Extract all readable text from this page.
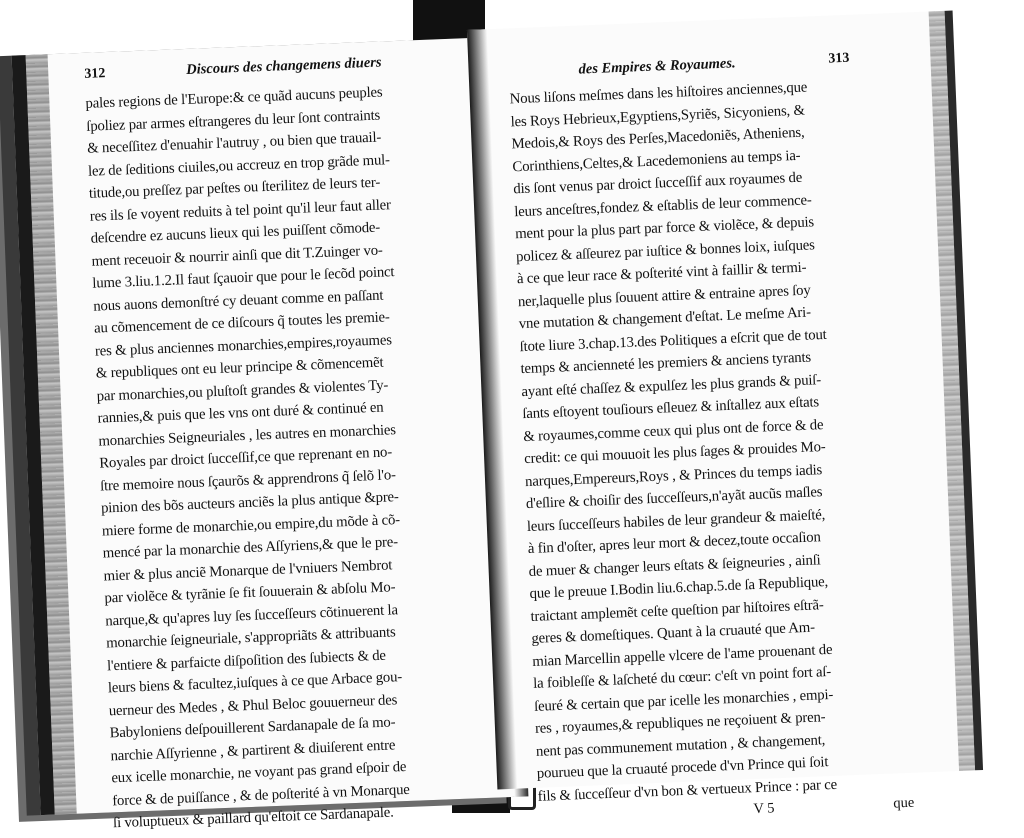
312	Discours des changemens diuers
pales regions de l'Europe:& ce quãd aucuns peuples
ſpoliez par armes eſtrangeres du leur ſont contraints
& neceſſitez d'enuahir l'autruy , ou bien que trauail-
lez de ſeditions ciuiles,ou accreuz en trop grãde mul-
titude,ou preſſez par peſtes ou ſterilitez de leurs ter-
res ils ſe voyent reduits à tel point qu'il leur faut aller
deſcendre ez aucuns lieux qui les puiſſent cõmode-
ment receuoir & nourrir ainſi que dit T.Zuinger vo-
lume 3.liu.1.2.Il faut ſçauoir que pour le ſecõd poinct
nous auons demonſtré cy deuant comme en paſſant
au cõmencement de ce diſcours q̃ toutes les premie-
res & plus anciennes monarchies,empires,royaumes
& republiques ont eu leur principe & cõmencemẽt
par monarchies,ou pluſtoſt grandes & violentes Ty-
rannies,& puis que les vns ont duré & continué en
monarchies Seigneuriales , les autres en monarchies
Royales par droict ſucceſſif,ce que reprenant en no-
ſtre memoire nous ſçaurõs & apprendrons q̃ ſelõ l'o-
pinion des bõs aucteurs anciẽs la plus antique &pre-
miere forme de monarchie,ou empire,du mõde à cõ-
mencé par la monarchie des Aſſyriens,& que le pre-
mier & plus anciẽ Monarque de l'vniuers Nembrot
par violẽce & tyrãnie ſe fit ſouuerain & abſolu Mo-
narque,& qu'apres luy ſes ſucceſſeurs cõtinuerent la
monarchie ſeigneuriale, s'appropriãts & attribuants
l'entiere & parfaicte diſpoſition des ſubiects & de
leurs biens & facultez,iuſques à ce que Arbace gou-
uerneur des Medes , & Phul Beloc gouuerneur des
Babyloniens deſpouillerent Sardanapale de ſa mo-
narchie Aſſyrienne , & partirent & diuiſerent entre
eux icelle monarchie, ne voyant pas grand eſpoir de
force & de puiſſance , & de poſterité à vn Monarque
ſi voluptueux & paillard qu'eſtoit ce Sardanapale.
des Empires & Royaumes.	313
Nous liſons meſmes dans les hiſtoires anciennes,que
les Roys Hebrieux,Egyptiens,Syriẽs, Sicyoniens, &
Medois,& Roys des Perſes,Macedoniẽs, Atheniens,
Corinthiens,Celtes,& Lacedemoniens au temps ia-
dis ſont venus par droict ſucceſſif aux royaumes de
leurs anceſtres,fondez & eſtablis de leur commence-
ment pour la plus part par force & violẽce, & depuis
policez & aſſeurez par iuſtice & bonnes loix, iuſques
à ce que leur race & poſterité vint à faillir & termi-
ner,laquelle plus ſouuent attire & entraine apres ſoy
vne mutation & changement d'eſtat. Le meſme Ari-
ſtote liure 3.chap.13.des Politiques a eſcrit que de tout
temps & ancienneté les premiers & anciens tyrants
ayant eſté chaſſez & expulſez les plus grands & puiſ-
ſants eſtoyent touſiours eſleuez & inſtallez aux eſtats
& royaumes,comme ceux qui plus ont de force & de
credit: ce qui mouuoit les plus ſages & prouides Mo-
narques,Empereurs,Roys , & Princes du temps iadis
d'eſlire & choiſir des ſucceſſeurs,n'ayãt aucũs maſles
leurs ſucceſſeurs habiles de leur grandeur & maieſté,
à fin d'oſter, apres leur mort & decez,toute occaſion
de muer & changer leurs eſtats & ſeigneuries , ainſi
que le preuue I.Bodin liu.6.chap.5.de ſa Republique,
traictant amplemẽt ceſte queſtion par hiſtoires eſtrã-
geres & domeſtiques. Quant à la cruauté que Am-
mian Marcellin appelle vlcere de l'ame prouenant de
la foibleſſe & laſcheté du cœur: c'eſt vn point fort aſ-
ſeuré & certain que par icelle les monarchies , empi-
res , royaumes,& republiques ne reçoiuent & pren-
nent pas communement mutation , & changement,
pourueu que la cruauté procede d'vn Prince qui ſoit
fils & ſucceſſeur d'vn bon & vertueux Prince : par ce
V 5	que
